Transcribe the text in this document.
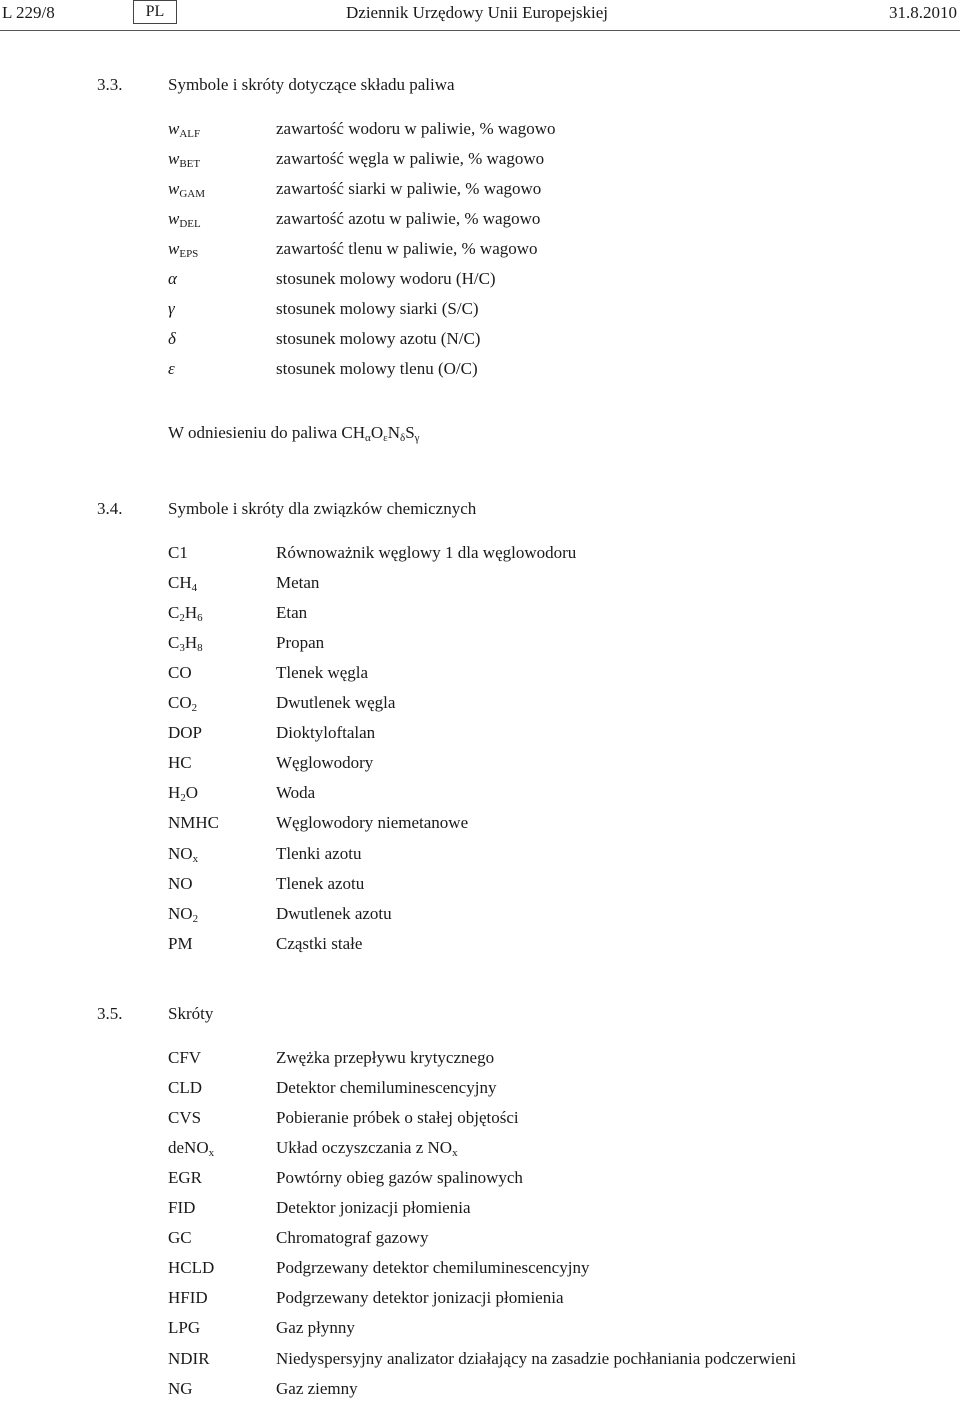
L 229/8	PL	Dziennik Urzędowy Unii Europejskiej	31.8.2010
3.3.	Symbole i skróty dotyczące składu paliwa
$w_{ALF}$	zawartość wodoru w paliwie, % wagowo
$w_{BET}$	zawartość węgla w paliwie, % wagowo
$w_{GAM}$	zawartość siarki w paliwie, % wagowo
$w_{DEL}$	zawartość azotu w paliwie, % wagowo
$w_{EPS}$	zawartość tlenu w paliwie, % wagowo
α	stosunek molowy wodoru (H/C)
γ	stosunek molowy siarki (S/C)
δ	stosunek molowy azotu (N/C)
ε	stosunek molowy tlenu (O/C)
W odniesieniu do paliwa $CH_\alpha O_\varepsilon N_\delta S_\gamma$
3.4.	Symbole i skróty dla związków chemicznych
C1	Równoważnik węglowy 1 dla węglowodoru
$CH_4$	Metan
$C_2H_6$	Etan
$C_3H_8$	Propan
CO	Tlenek węgla
$CO_2$	Dwutlenek węgla
DOP	Dioktyloftalan
HC	Węglowodory
$H_2O$	Woda
NMHC	Węglowodory niemetanowe
$NO_x$	Tlenki azotu
NO	Tlenek azotu
$NO_2$	Dwutlenek azotu
PM	Cząstki stałe
3.5.	Skróty
CFV	Zwężka przepływu krytycznego
CLD	Detektor chemiluminescencyjny
CVS	Pobieranie próbek o stałej objętości
deNO$_x$	Układ oczyszczania z $NO_x$
EGR	Powtórny obieg gazów spalinowych
FID	Detektor jonizacji płomienia
GC	Chromatograf gazowy
HCLD	Podgrzewany detektor chemiluminescencyjny
HFID	Podgrzewany detektor jonizacji płomienia
LPG	Gaz płynny
NDIR	Niedyspersyjny analizator działający na zasadzie pochłaniania podczerwieni
NG	Gaz ziemny
